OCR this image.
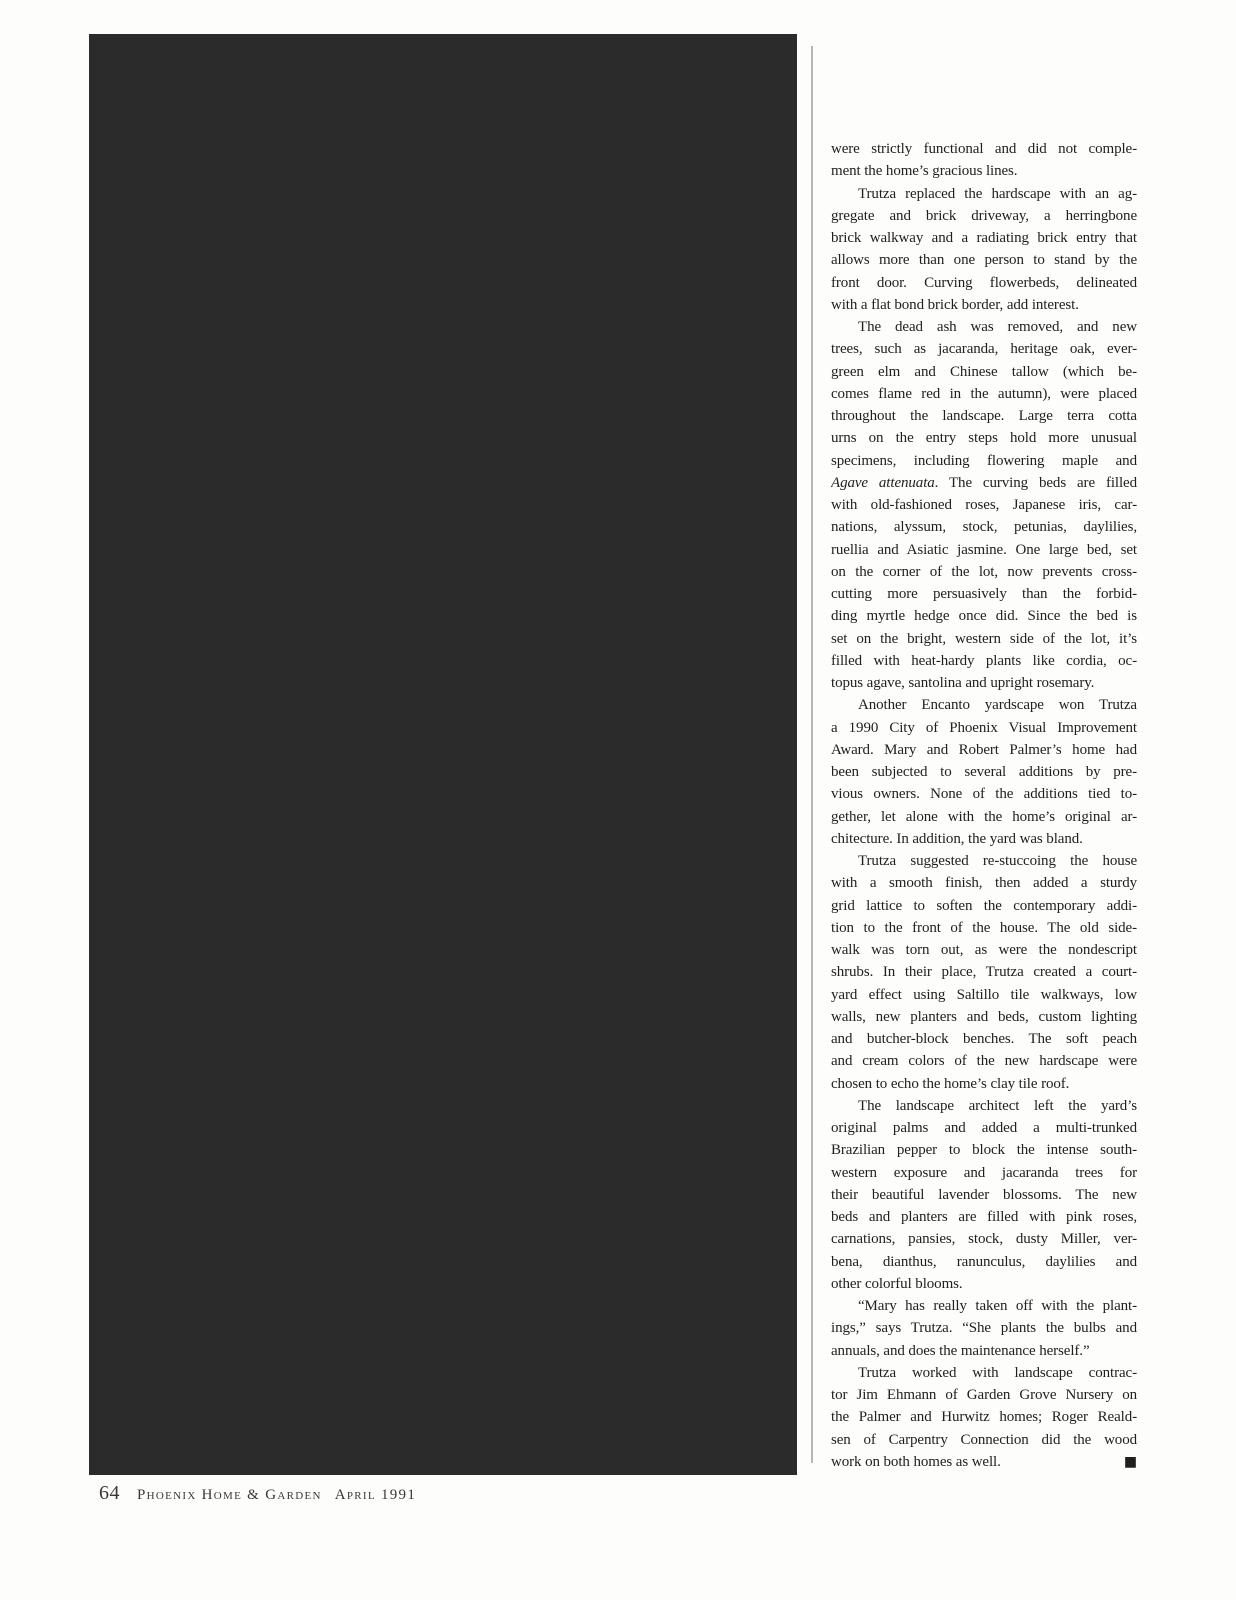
were strictly functional and did not comple-
ment the home’s gracious lines.
Trutza replaced the hardscape with an ag-
gregate and brick driveway, a herringbone
brick walkway and a radiating brick entry that
allows more than one person to stand by the
front door. Curving flowerbeds, delineated
with a flat bond brick border, add interest.
The dead ash was removed, and new
trees, such as jacaranda, heritage oak, ever-
green elm and Chinese tallow (which be-
comes flame red in the autumn), were placed
throughout the landscape. Large terra cotta
urns on the entry steps hold more unusual
specimens, including flowering maple and
Agave attenuata. The curving beds are filled
with old-fashioned roses, Japanese iris, car-
nations, alyssum, stock, petunias, daylilies,
ruellia and Asiatic jasmine. One large bed, set
on the corner of the lot, now prevents cross-
cutting more persuasively than the forbid-
ding myrtle hedge once did. Since the bed is
set on the bright, western side of the lot, it’s
filled with heat-hardy plants like cordia, oc-
topus agave, santolina and upright rosemary.
Another Encanto yardscape won Trutza
a 1990 City of Phoenix Visual Improvement
Award. Mary and Robert Palmer’s home had
been subjected to several additions by pre-
vious owners. None of the additions tied to-
gether, let alone with the home’s original ar-
chitecture. In addition, the yard was bland.
Trutza suggested re-stuccoing the house
with a smooth finish, then added a sturdy
grid lattice to soften the contemporary addi-
tion to the front of the house. The old side-
walk was torn out, as were the nondescript
shrubs. In their place, Trutza created a court-
yard effect using Saltillo tile walkways, low
walls, new planters and beds, custom lighting
and butcher-block benches. The soft peach
and cream colors of the new hardscape were
chosen to echo the home’s clay tile roof.
The landscape architect left the yard’s
original palms and added a multi-trunked
Brazilian pepper to block the intense south-
western exposure and jacaranda trees for
their beautiful lavender blossoms. The new
beds and planters are filled with pink roses,
carnations, pansies, stock, dusty Miller, ver-
bena, dianthus, ranunculus, daylilies and
other colorful blooms.
“Mary has really taken off with the plant-
ings,” says Trutza. “She plants the bulbs and
annuals, and does the maintenance herself.”
Trutza worked with landscape contrac-
tor Jim Ehmann of Garden Grove Nursery on
the Palmer and Hurwitz homes; Roger Reald-
sen of Carpentry Connection did the wood
■
work on both homes as well.
64 Phoenix Home & Garden April 1991
